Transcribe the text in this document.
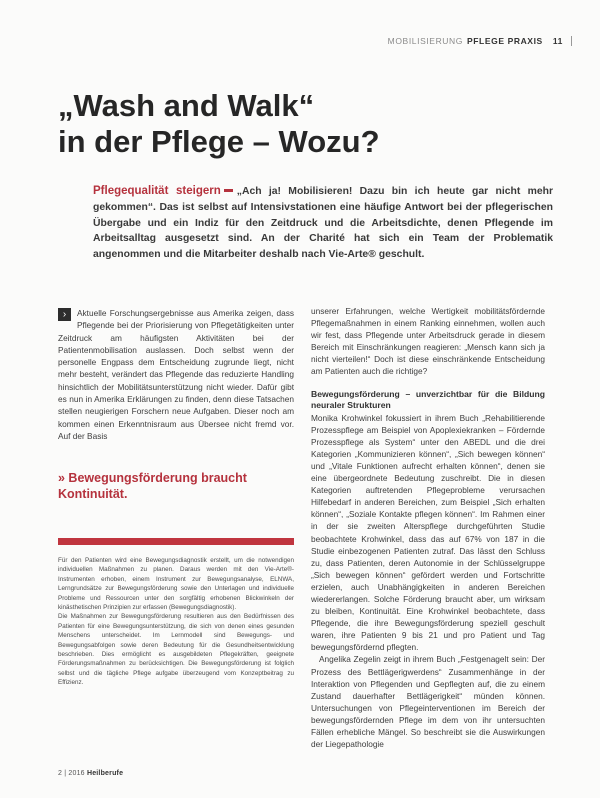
MOBILISIERUNG PFLEGE PRAXIS 11
„Wash and Walk“
in der Pflege – Wozu?
Pflegequalität steigern „Ach ja! Mobilisieren! Dazu bin ich heute gar nicht mehr gekommen“. Das ist selbst auf Intensivstationen eine häufige Antwort bei der pflegerischen Übergabe und ein Indiz für den Zeitdruck und die Arbeitsdichte, denen Pflegende im Arbeitsalltag ausgesetzt sind. An der Charité hat sich ein Team der Problematik angenommen und die Mitarbeiter deshalb nach Vie-Arte® geschult.
›	Aktuelle Forschungsergebnisse aus Amerika zeigen, dass Pflegende bei der Priorisierung von Pflegetätigkeiten unter Zeitdruck am häufigsten Aktivitäten bei der Patientenmobilisation auslassen. Doch selbst wenn der personelle Engpass dem Entscheidung zugrunde liegt, nicht mehr besteht, verändert das Pflegende das reduzierte Handling hinsichtlich der Mobilitätsunterstützung nicht wieder. Dafür gibt es nun in Amerika Erklärungen zu finden, denn diese Tatsachen stellen neugierigen Forschern neue Aufgaben. Dieser noch am kommen einen Erkenntnisraum aus Übersee nicht fremd vor. Auf der Basis
» Bewegungsförderung braucht Kontinuität.

Für den Patienten wird eine Bewegungsdiagnostik erstellt, um die notwendigen individuellen Maßnahmen zu planen. Daraus werden mit den Vie-Arte®-Instrumenten erhoben, einem Instrument zur Bewegungsanalyse, ELNWA, Lerngrundsätze zur Bewegungsförderung sowie den Unterlagen und individuelle Probleme und Ressourcen unter den sorgfältig erhobenen Blickwinkeln der kinästhetischen Prinzipien zur erfassen (Bewegungsdiagnostik).

Die Maßnahmen zur Bewegungsförderung resultieren aus den Bedürfnissen des Patienten für eine Bewegungsunterstützung, die sich von denen eines gesunden Menschens unterscheidet. Im Lernmodell sind Bewegungs- und Bewegungsabfolgen sowie deren Bedeutung für die Gesundheitsentwicklung beschrieben. Dies ermöglicht es ausgebildeten Pflegekräften, geeignete Förderungsmaßnahmen zu berücksichtigen. Die Bewegungsförderung ist folglich selbst und die tägliche Pflege aufgabe überzeugend vom Konzeptbeitrag zu Effizienz.

2 | 2016 Heilberufe

unserer Erfahrungen, welche Wertigkeit mobilitätsfördernde Pflegemaßnahmen in einem Ranking einnehmen, wollen auch wir fest, dass Pflegende unter Arbeitsdruck gerade in diesem Bereich mit Einschränkungen reagieren: „Mensch kann sich ja nicht vierteilen!“ Doch ist diese einschränkende Entscheidung am Patienten auch die richtige?

Bewegungsförderung – unverzichtbar für die Bildung neuraler Strukturen

Monika Krohwinkel fokussiert in ihrem Buch „Rehabilitierende Prozesspflege am Beispiel von Apoplexiekranken – Fördernde Prozesspflege als System“ unter den ABEDL und die drei Kategorien „Kommunizieren können“, „Sich bewegen können“ und „Vitale Funktionen aufrecht erhalten können“, denen sie eine übergeordnete Bedeutung zuschreibt. Die in diesen Kategorien auftretenden Pflegeprobleme verursachen Hilfebedarf in anderen Bereichen, zum Beispiel „Sich erhalten können“, „Soziale Kontakte pflegen können“. Im Rahmen einer in der sie zweiten Alterspflege durchgeführten Studie beobachtete Krohwinkel, dass das auf 67% von 187 in die Studie einbezogenen Patienten zutraf. Das lässt den Schluss zu, dass Patienten, deren Autonomie in der Schlüsselgruppe „Sich bewegen können“ gefördert werden und Fortschritte erzielen, auch Unabhängigkeiten in anderen Bereichen wiedererlangen. Solche Förderung braucht aber, um wirksam zu bleiben, Kontinuität. Eine Krohwinkel beobachtete, dass Pflegende, die ihre Bewegungsförderung speziell geschult waren, ihre Patienten 9 bis 21 und pro Patient und Tag bewegungsfördernd pflegten.

Angelika Zegelin zeigt in ihrem Buch „Festgenagelt sein: Der Prozess des Bettlägerigwerdens“ Zusammenhänge in der Interaktion von Pflegenden und Gepflegten auf, die zu einem Zustand dauerhafter Bettlägerigkeit“ münden können. Untersuchungen von Pflegeinterventionen im Bereich der bewegungsfördernden Pflege im dem von ihr untersuchten Fällen erhebliche Mängel. So beschreibt sie die Auswirkungen der Liegepathologie
